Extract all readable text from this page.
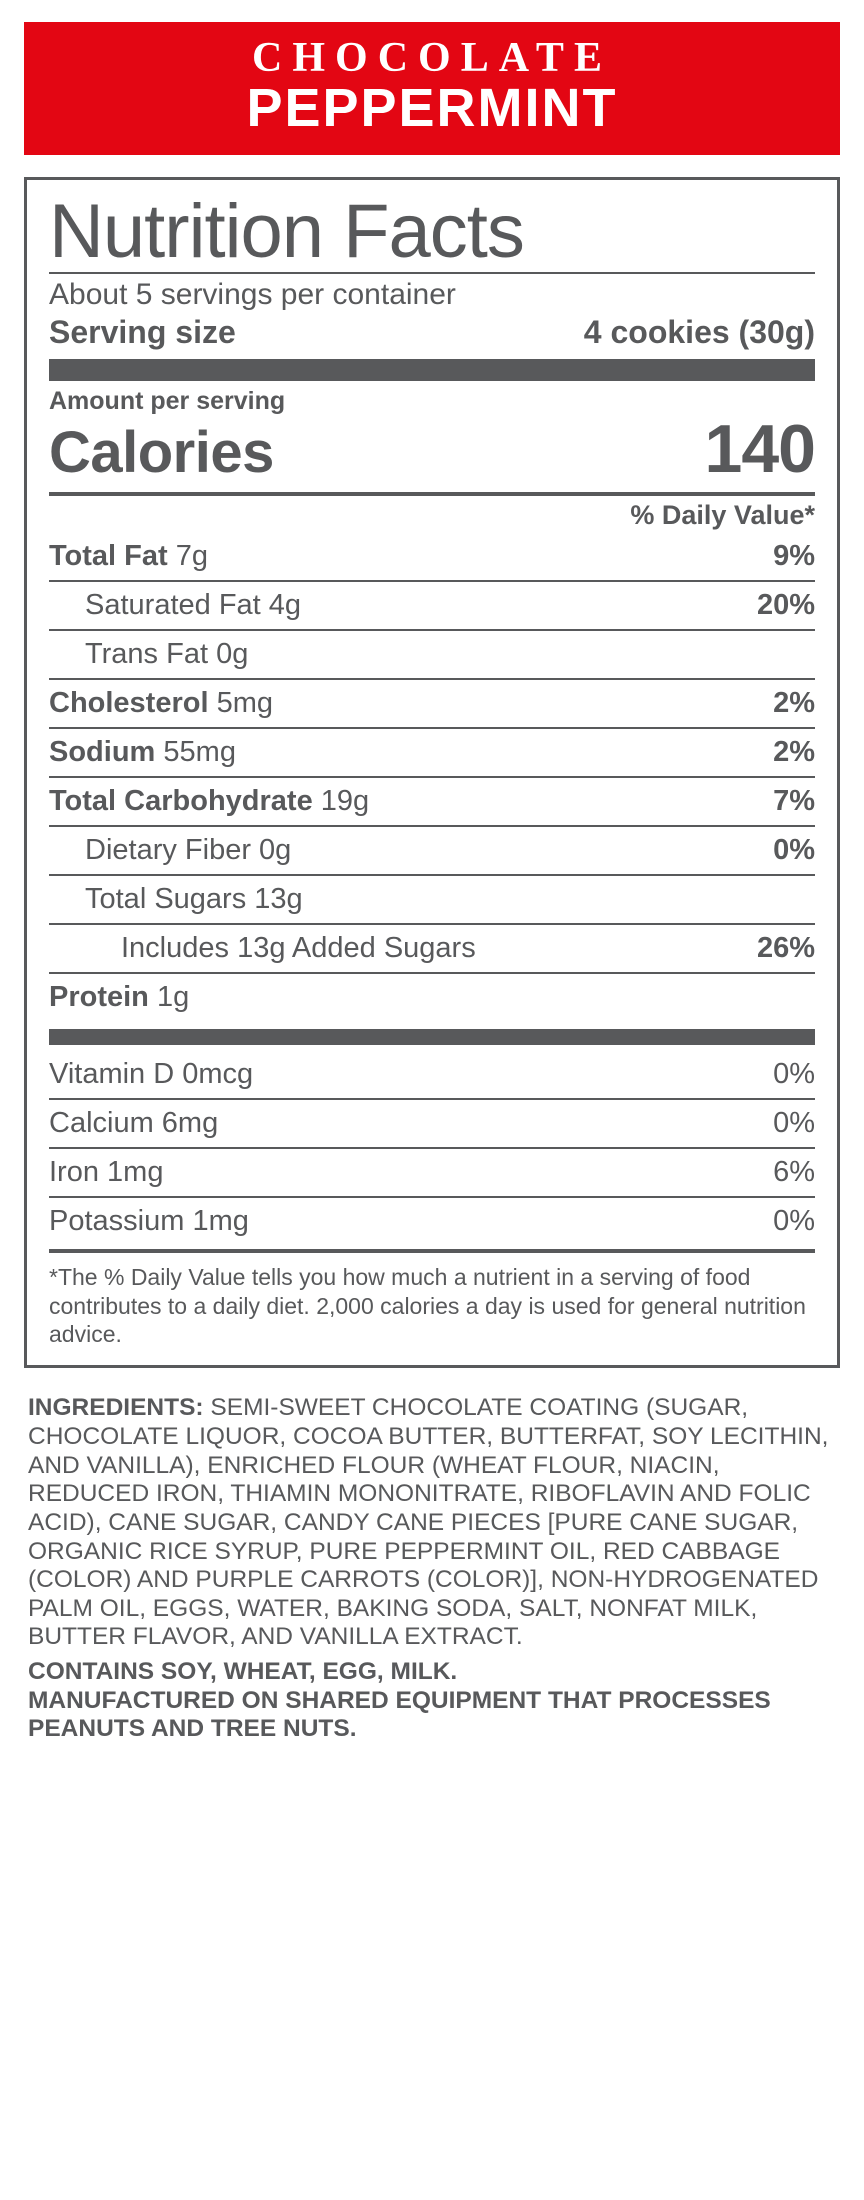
CHOCOLATE
PEPPERMINT
Nutrition Facts
About 5 servings per container
Serving size	4 cookies (30g)
Amount per serving
Calories	140
% Daily Value*
Total Fat 7g	9%
Saturated Fat 4g	20%
Trans Fat 0g
Cholesterol 5mg	2%
Sodium 55mg	2%
Total Carbohydrate 19g	7%
Dietary Fiber 0g	0%
Total Sugars 13g
Includes 13g Added Sugars	26%
Protein 1g
Vitamin D 0mcg	0%
Calcium 6mg	0%
Iron 1mg	6%
Potassium 1mg	0%
*The % Daily Value tells you how much a nutrient in a serving of food contributes to a daily diet. 2,000 calories a day is used for general nutrition advice.
INGREDIENTS: SEMI-SWEET CHOCOLATE COATING (SUGAR, CHOCOLATE LIQUOR, COCOA BUTTER, BUTTERFAT, SOY LECITHIN, AND VANILLA), ENRICHED FLOUR (WHEAT FLOUR, NIACIN, REDUCED IRON, THIAMIN MONONITRATE, RIBOFLAVIN AND FOLIC ACID), CANE SUGAR, CANDY CANE PIECES [PURE CANE SUGAR, ORGANIC RICE SYRUP, PURE PEPPERMINT OIL, RED CABBAGE (COLOR) AND PURPLE CARROTS (COLOR)], NON-HYDROGENATED PALM OIL, EGGS, WATER, BAKING SODA, SALT, NONFAT MILK, BUTTER FLAVOR, AND VANILLA EXTRACT.
CONTAINS SOY, WHEAT, EGG, MILK.
MANUFACTURED ON SHARED EQUIPMENT THAT PROCESSES PEANUTS AND TREE NUTS.
